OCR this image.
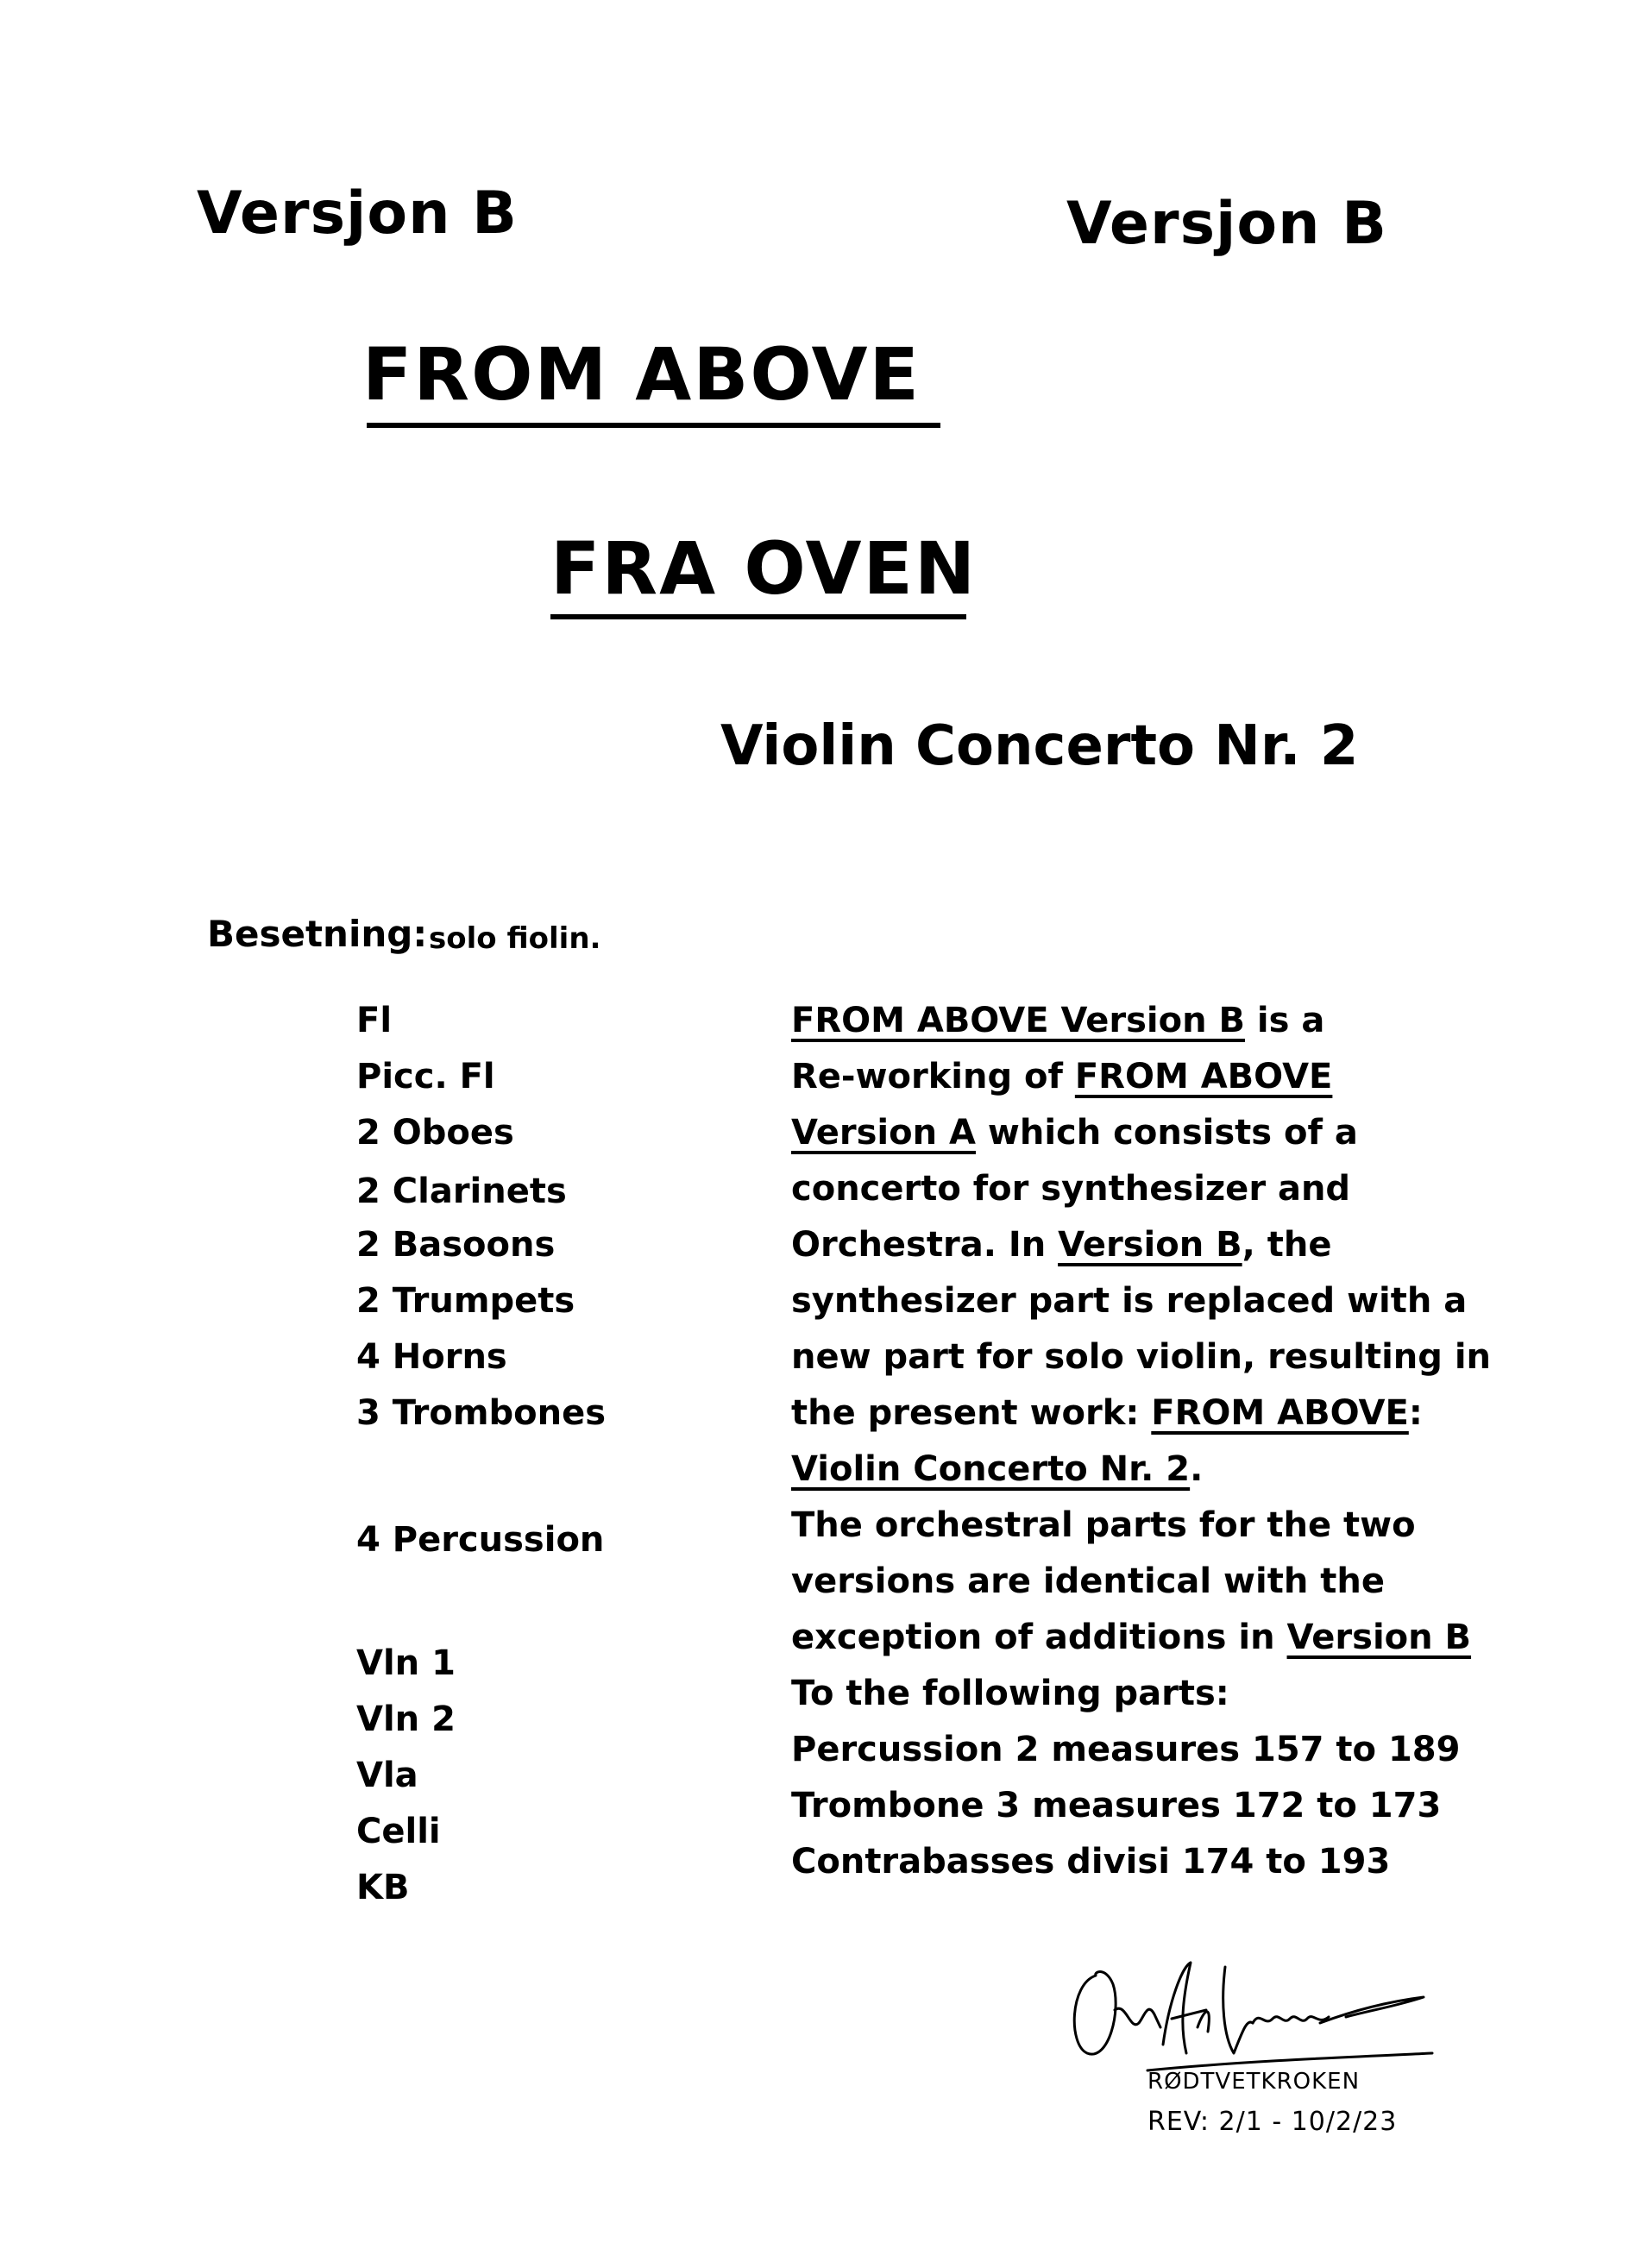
Versjon B	Versjon B
FROM ABOVE
FRA OVEN
Violin Concerto Nr. 2
Besetning: solo fiolin.
Fl
Picc. Fl
2 Oboes
2 Clarinets
2 Basoons
2 Trumpets
4 Horns
3 Trombones
4 Percussion
Vln 1
Vln 2
Vla
Celli
KB
FROM ABOVE Version B is a
Re-working of FROM ABOVE
Version A which consists of a
concerto for synthesizer and
Orchestra. In Version B, the
synthesizer part is replaced with a
new part for solo violin, resulting in
the present work: FROM ABOVE:
Violin Concerto Nr. 2.
The orchestral parts for the two
versions are identical with the
exception of additions in Version B
To the following parts:
Percussion 2 measures 157 to 189
Trombone 3 measures 172 to 173
Contrabasses divisi 174 to 193
RØDTVETKROKEN
REV: 2/1 - 10/2/23
